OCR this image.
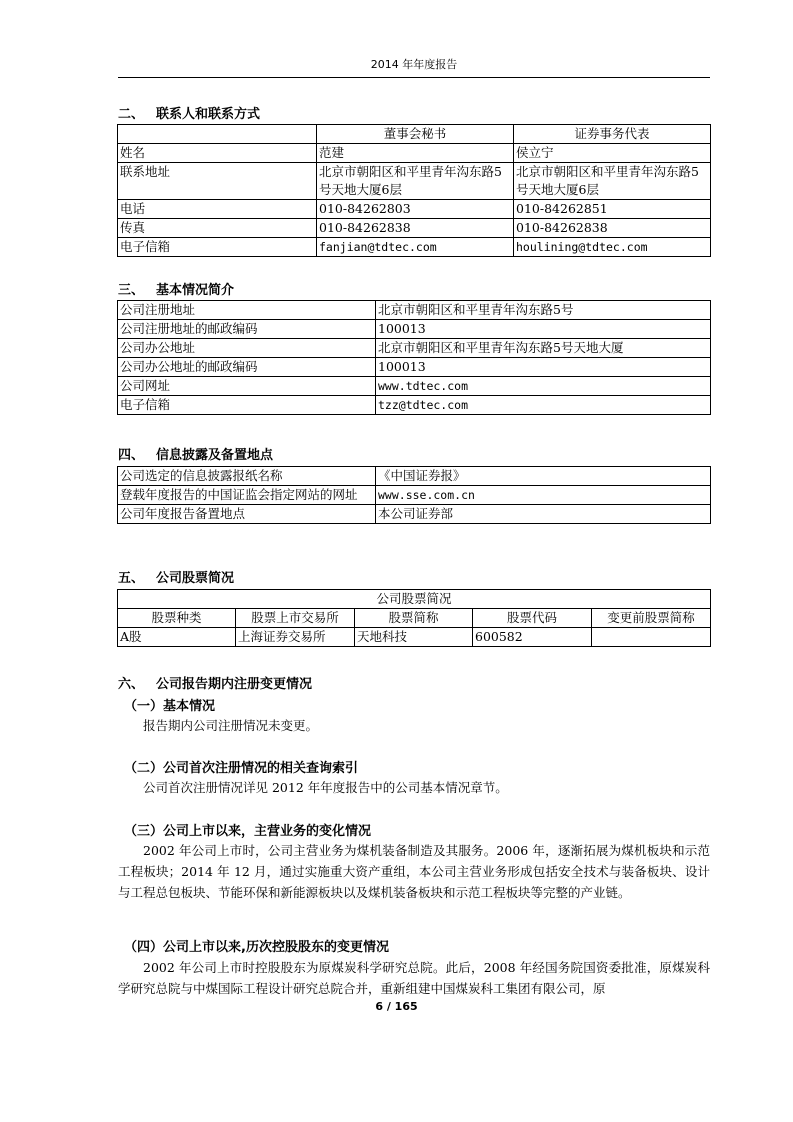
2014 年年度报告
二、 联系人和联系方式
	董事会秘书	证券事务代表
姓名	范建	侯立宁
联系地址	北京市朝阳区和平里青年沟东路5号天地大厦6层	北京市朝阳区和平里青年沟东路5号天地大厦6层
电话	010-84262803	010-84262851
传真	010-84262838	010-84262838
电子信箱	fanjian@tdtec.com	houlining@tdtec.com
三、 基本情况简介
公司注册地址	北京市朝阳区和平里青年沟东路5号
公司注册地址的邮政编码	100013
公司办公地址	北京市朝阳区和平里青年沟东路5号天地大厦
公司办公地址的邮政编码	100013
公司网址	www.tdtec.com
电子信箱	tzz@tdtec.com
四、 信息披露及备置地点
公司选定的信息披露报纸名称	《中国证券报》
登载年度报告的中国证监会指定网站的网址	www.sse.com.cn
公司年度报告备置地点	本公司证券部
五、 公司股票简况
公司股票简况				
股票种类	股票上市交易所	股票简称	股票代码	变更前股票简称
A股	上海证券交易所	天地科技	600582	
六、 公司报告期内注册变更情况
（一）基本情况

报告期内公司注册情况未变更。

（二）公司首次注册情况的相关查询索引

公司首次注册情况详见 2012 年年度报告中的公司基本情况章节。

（三）公司上市以来，主营业务的变化情况

2002 年公司上市时，公司主营业务为煤机装备制造及其服务。2006 年，逐渐拓展为煤机板块和示范工程板块；2014 年 12 月，通过实施重大资产重组，本公司主营业务形成包括安全技术与装备板块、设计与工程总包板块、节能环保和新能源板块以及煤机装备板块和示范工程板块等完整的产业链。

（四）公司上市以来,历次控股股东的变更情况

2002 年公司上市时控股股东为原煤炭科学研究总院。此后，2008 年经国务院国资委批准，原煤炭科学研究总院与中煤国际工程设计研究总院合并，重新组建中国煤炭科工集团有限公司，原

6 / 165
